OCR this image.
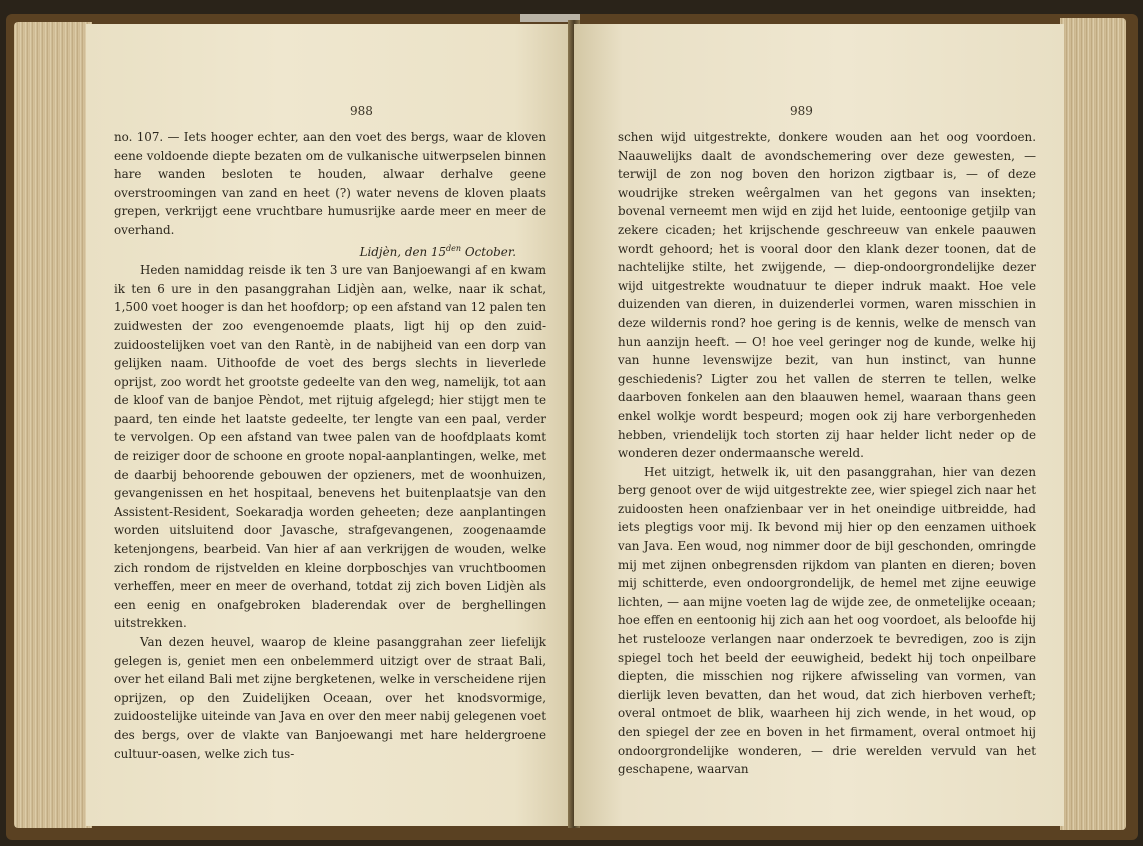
988

no. 107. — Iets hooger echter, aan den voet des bergs, waar de kloven eene voldoende diepte bezaten om de vulkanische uitwerpselen binnen hare wanden besloten te houden, alwaar derhalve geene overstroomingen van zand en heet (?) water nevens de kloven plaats grepen, verkrijgt eene vruchtbare humusrijke aarde meer en meer de overhand.

Lidjèn, den $15^{den}$ October.

Heden namiddag reisde ik ten 3 ure van Banjoewangi af en kwam ik ten 6 ure in den pasanggrahan Lidjèn aan, welke, naar ik schat, 1,500 voet hooger is dan het hoofdorp; op een afstand van 12 palen ten zuidwesten der zoo evengenoemde plaats, ligt hij op den zuid-zuidoostelijken voet van den Rantè, in de nabijheid van een dorp van gelijken naam. Uithoofde de voet des bergs slechts in lieverlede oprijst, zoo wordt het grootste gedeelte van den weg, namelijk, tot aan de kloof van de banjoe Pèndot, met rijtuig afgelegd; hier stijgt men te paard, ten einde het laatste gedeelte, ter lengte van een paal, verder te vervolgen. Op een afstand van twee palen van de hoofdplaats komt de reiziger door de schoone en groote nopal-aanplantingen, welke, met de daarbij behoorende gebouwen der opzieners, met de woonhuizen, gevangenissen en het hospitaal, benevens het buitenplaatsje van den Assistent-Resident, Soekaradja worden geheeten; deze aanplantingen worden uitsluitend door Javasche, strafgevangenen, zoogenaamde ketenjongens, bearbeid. Van hier af aan verkrijgen de wouden, welke zich rondom de rijstvelden en kleine dorpboschjes van vruchtboomen verheffen, meer en meer de overhand, totdat zij zich boven Lidjèn als een eenig en onafgebroken bladerendak over de berghellingen uitstrekken.

Van dezen heuvel, waarop de kleine pasanggrahan zeer liefelijk gelegen is, geniet men een onbelemmerd uitzigt over de straat Bali, over het eiland Bali met zijne bergketenen, welke in verscheidene rijen oprijzen, op den Zuidelijken Oceaan, over het knodsvormige, zuidoostelijke uiteinde van Java en over den meer nabij gelegenen voet des bergs, over de vlakte van Banjoewangi met hare heldergroene cultuur-oasen, welke zich tus-

989

schen wijd uitgestrekte, donkere wouden aan het oog voordoen. Naauwelijks daalt de avondschemering over deze gewesten, — terwijl de zon nog boven den horizon zigtbaar is, — of deze woudrijke streken weêrgalmen van het gegons van insekten; bovenal verneemt men wijd en zijd het luide, eentoonige getjilp van zekere cicaden; het krijschende geschreeuw van enkele paauwen wordt gehoord; het is vooral door den klank dezer toonen, dat de nachtelijke stilte, het zwijgende, — diep-ondoorgrondelijke dezer wijd uitgestrekte woudnatuur te dieper indruk maakt. Hoe vele duizenden van dieren, in duizenderlei vormen, waren misschien in deze wildernis rond? hoe gering is de kennis, welke de mensch van hun aanzijn heeft. — O! hoe veel geringer nog de kunde, welke hij van hunne levenswijze bezit, van hun instinct, van hunne geschiedenis? Ligter zou het vallen de sterren te tellen, welke daarboven fonkelen aan den blaauwen hemel, waaraan thans geen enkel wolkje wordt bespeurd; mogen ook zij hare verborgenheden hebben, vriendelijk toch storten zij haar helder licht neder op de wonderen dezer ondermaansche wereld.

Het uitzigt, hetwelk ik, uit den pasanggrahan, hier van dezen berg genoot over de wijd uitgestrekte zee, wier spiegel zich naar het zuidoosten heen onafzienbaar ver in het oneindige uitbreidde, had iets plegtigs voor mij. Ik bevond mij hier op den eenzamen uithoek van Java. Een woud, nog nimmer door de bijl geschonden, omringde mij met zijnen onbegrensden rijkdom van planten en dieren; boven mij schitterde, even ondoorgrondelijk, de hemel met zijne eeuwige lichten, — aan mijne voeten lag de wijde zee, de onmetelijke oceaan; hoe effen en eentoonig hij zich aan het oog voordoet, als beloofde hij het rustelooze verlangen naar onderzoek te bevredigen, zoo is zijn spiegel toch het beeld der eeuwigheid, bedekt hij toch onpeilbare diepten, die misschien nog rijkere afwisseling van vormen, van dierlijk leven bevatten, dan het woud, dat zich hierboven verheft; overal ontmoet de blik, waarheen hij zich wende, in het woud, op den spiegel der zee en boven in het firmament, overal ontmoet hij ondoorgrondelijke wonderen, — drie werelden vervuld van het geschapene, waarvan
